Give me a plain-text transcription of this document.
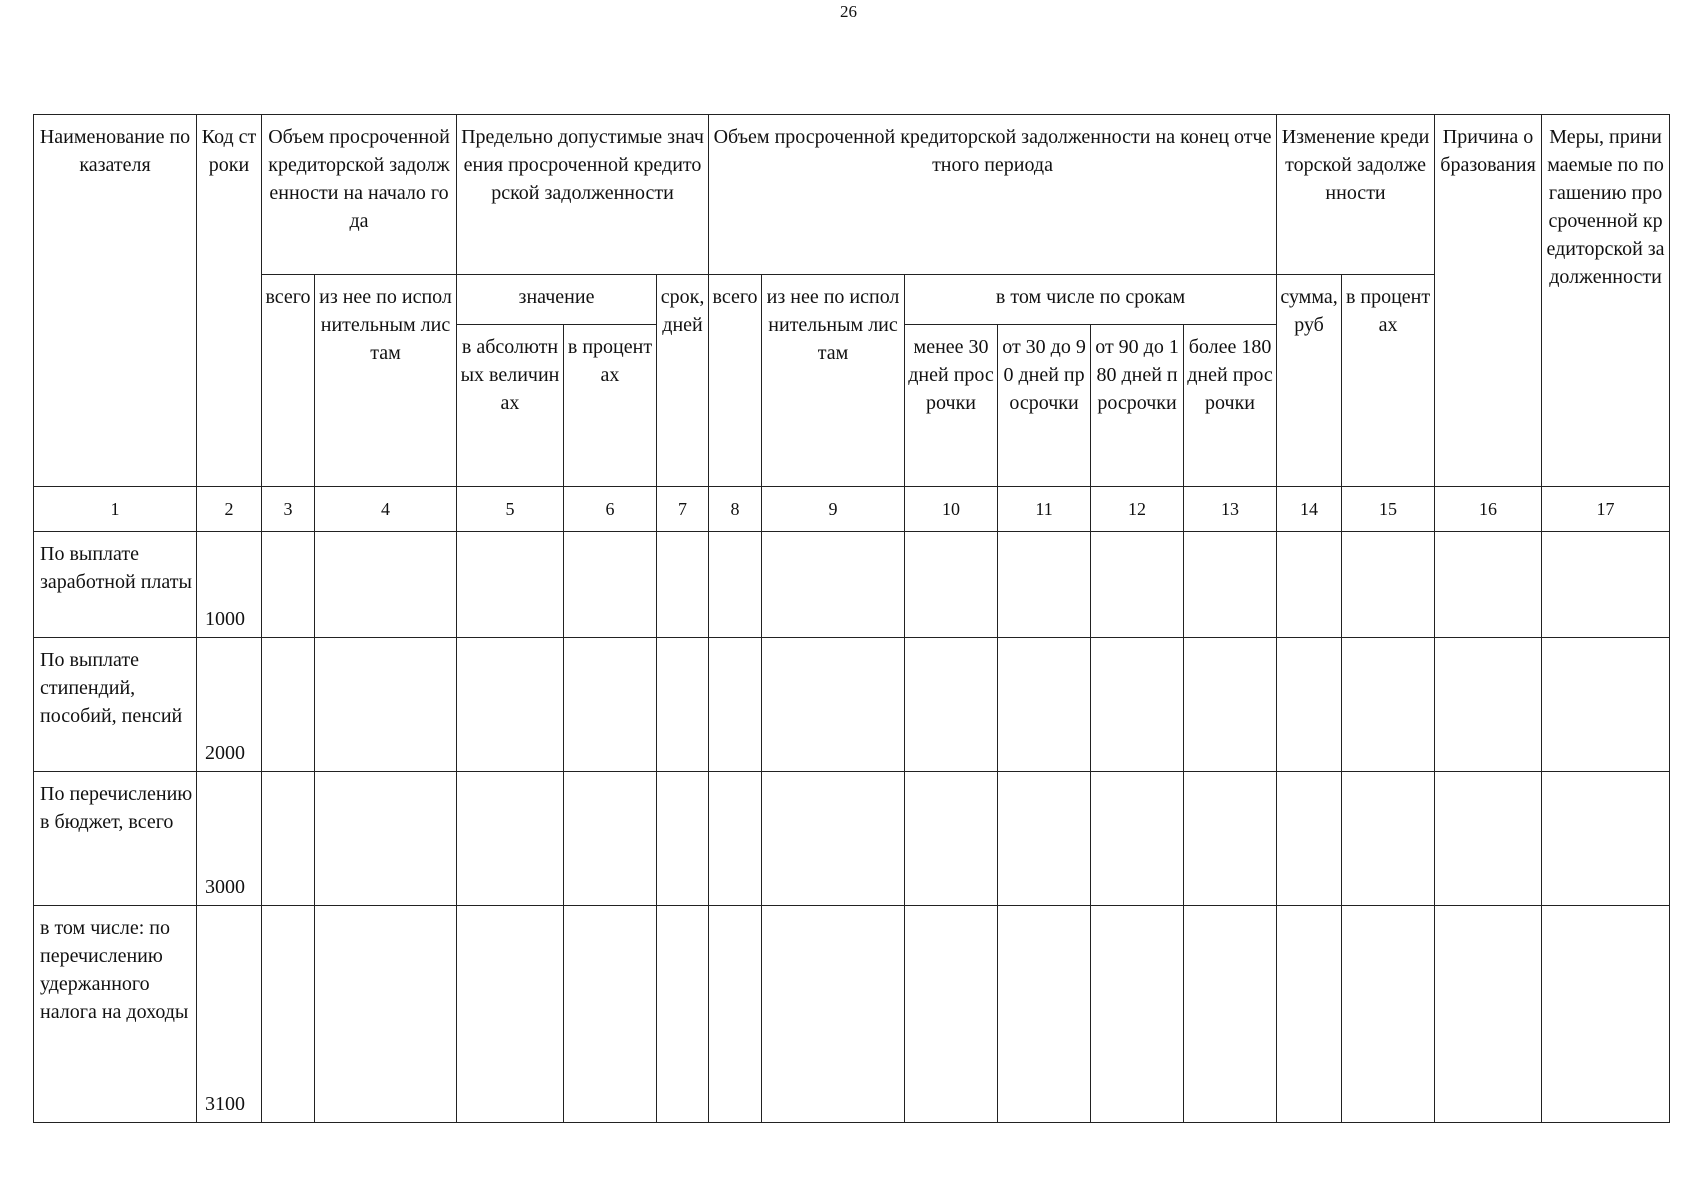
26
Наименование показателя	Код строки	Объем просроченной кредиторской задолженности на начало года		Предельно допустимые значения просроченной кредиторской задолженности			Объем просроченной кредиторской задолженности на конец отчетного периода						Изменение кредиторской задолженности		Причина образования	Меры, принимаемые по погашению просроченной кредиторской задолженности
		всего	из нее по исполнительным листам	значение		срок, дней	всего	из нее по исполнительным листам	в том числе по срокам				сумма, руб	в процентах		
				в абсолютных величинах	в процентах				менее 30 дней просрочки	от 30 до 90 дней просрочки	от 90 до 180 дней просрочки	более 180 дней просрочки				
1	2	3	4	5	6	7	8	9	10	11	12	13	14	15	16	17
По выплате заработной платы	1000															
По выплате стипендий, пособий, пенсий	2000															
По перечислению в бюджет, всего	3000															
в том числе: по перечислению удержанного налога на доходы	3100															
